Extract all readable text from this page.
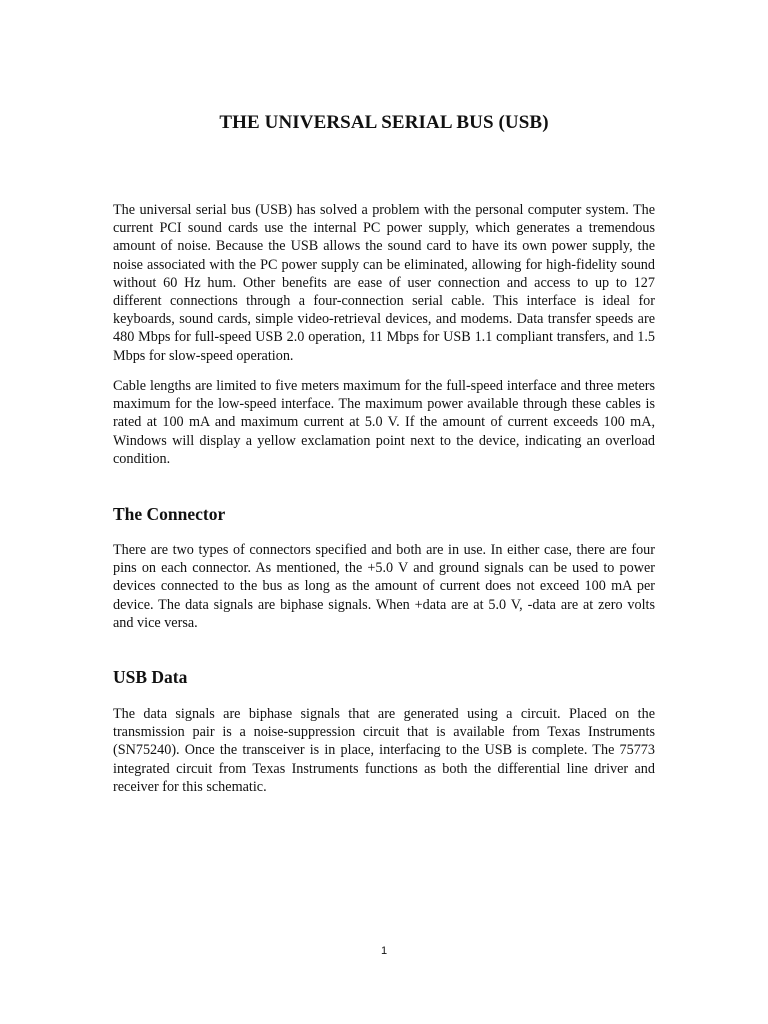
THE UNIVERSAL SERIAL BUS (USB)

The universal serial bus (USB) has solved a problem with the personal computer system. The current PCI sound cards use the internal PC power supply, which generates a tremendous amount of noise. Because the USB allows the sound card to have its own power supply, the noise associated with the PC power supply can be eliminated, allowing for high-fidelity sound without 60 Hz hum. Other benefits are ease of user connection and access to up to 127 different connections through a four-connection serial cable. This interface is ideal for keyboards, sound cards, simple video-retrieval devices, and modems. Data transfer speeds are 480 Mbps for full-speed USB 2.0 operation, 11 Mbps for USB 1.1 compliant transfers, and 1.5 Mbps for slow-speed operation.

Cable lengths are limited to five meters maximum for the full-speed interface and three meters maximum for the low-speed interface. The maximum power available through these cables is rated at 100 mA and maximum current at 5.0 V. If the amount of current exceeds 100 mA, Windows will display a yellow exclamation point next to the device, indicating an overload condition.

The Connector

There are two types of connectors specified and both are in use. In either case, there are four pins on each connector. As mentioned, the +5.0 V and ground signals can be used to power devices connected to the bus as long as the amount of current does not exceed 100 mA per device. The data signals are biphase signals. When +data are at 5.0 V, -data are at zero volts and vice versa.

USB Data

The data signals are biphase signals that are generated using a circuit. Placed on the transmission pair is a noise-suppression circuit that is available from Texas Instruments (SN75240). Once the transceiver is in place, interfacing to the USB is complete. The 75773 integrated circuit from Texas Instruments functions as both the differential line driver and receiver for this schematic.

1
